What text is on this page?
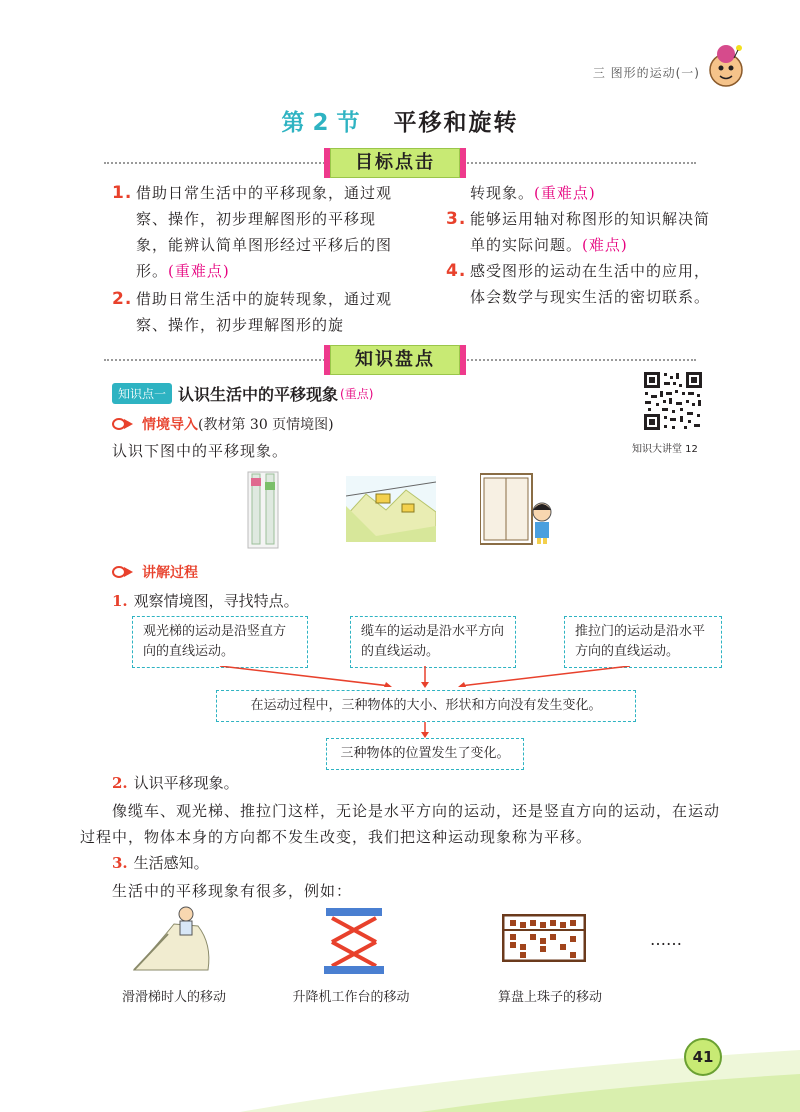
三 图形的运动(一)
第 2 节 平移和旋转
目标点击
1. 借助日常生活中的平移现象，通过观察、操作，初步理解图形的平移现象，能辨认简单图形经过平移后的图形。(重难点)
2. 借助日常生活中的旋转现象，通过观察、操作，初步理解图形的旋
转现象。(重难点)
3. 能够运用轴对称图形的知识解决简单的实际问题。(难点)
4. 感受图形的运动在生活中的应用，体会数学与现实生活的密切联系。
知识盘点
知识点一 认识生活中的平移现象 (重点)
知识大讲堂 12
情境导入 (教材第 30 页情境图)
认识下图中的平移现象。
讲解过程
1. 观察情境图，寻找特点。
观光梯的运动是沿竖直方向的直线运动。
缆车的运动是沿水平方向的直线运动。
推拉门的运动是沿水平方向的直线运动。
在运动过程中，三种物体的大小、形状和方向没有发生变化。
三种物体的位置发生了变化。
2. 认识平移现象。
像缆车、观光梯、推拉门这样，无论是水平方向的运动，还是竖直方向的运动，在运动过程中，物体本身的方向都不发生改变，我们把这种运动现象称为平移。
3. 生活感知。
生活中的平移现象有很多，例如：
……
滑滑梯时人的移动	升降机工作台的移动	算盘上珠子的移动
41
